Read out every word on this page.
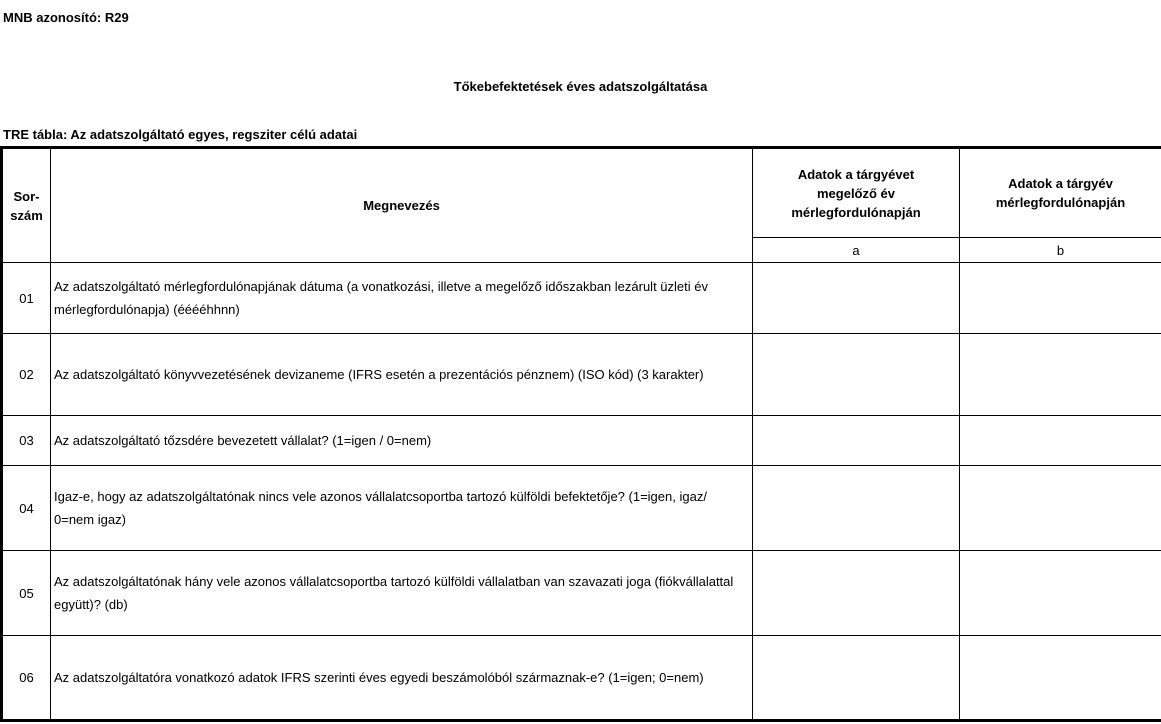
MNB azonosító: R29
Tőkebefektetések éves adatszolgáltatása
TRE tábla: Az adatszolgáltató egyes, regsziter célú adatai
Sor-
szám	Megnevezés	Adatok a tárgyévet megelőző év mérlegfordulónapján	Adatok a tárgyév mérlegfordulónapján
		a	b
01	Az adatszolgáltató mérlegfordulónapjának dátuma (a vonatkozási, illetve a megelőző időszakban lezárult üzleti év mérlegfordulónapja) (éééé​hhnn)		
02	Az adatszolgáltató könyvvezetésének devizaneme (IFRS esetén a prezentációs pénznem) (ISO kód) (3 karakter)		
03	Az adatszolgáltató tőzsdére bevezetett vállalat? (1=igen / 0=nem)		
04	Igaz-e, hogy az adatszolgáltatónak nincs vele azonos vállalatcsoportba tartozó külföldi befektetője? (1=igen, igaz/ 0=nem igaz)		
05	Az adatszolgáltatónak hány vele azonos vállalatcsoportba tartozó külföldi vállalatban van szavazati joga (fiókvállalattal együtt)? (db)		
06	Az adatszolgáltatóra vonatkozó adatok IFRS szerinti éves egyedi beszámolóból származnak-e? (1=igen; 0=nem)		
